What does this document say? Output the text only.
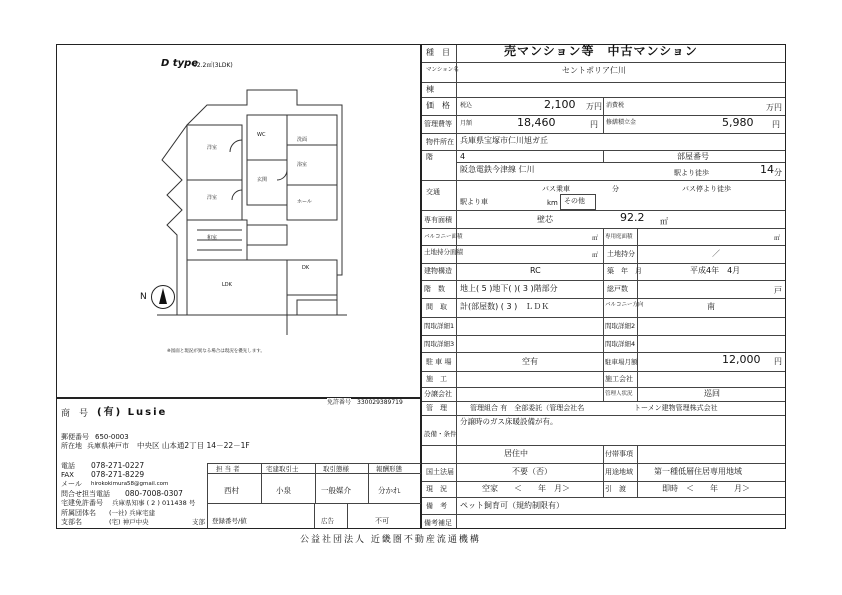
D type
92.2㎡(3LDK)
洋室
洋室
和室
LDK
DK
洗面
浴室
WC
玄関
ホール
N
※図面と現況が異なる場合は現況を優先します。
免許番号 330029389719
商　号 (有) Lusie
郵便番号 650-0003
所在地 兵庫県神戸市 中央区 山本通2丁目 14－22－1F
電話 078-271-0227
FAX 078-271-8229
メール hirokokimura58@gmail.com
問合せ担当電話 080-7008-0307
宅建免許番号 兵庫県知事 ( 2 ) 011438 号
所属団体名 (一社) 兵庫宅建
支部名	(宅) 神戸中央	支部
担 当 者	宅建取引士	取引態様	報酬形態
西村	小泉	一般媒介	分かれ
登録番号/値	広告	不可
種　目	売マンション等　中古マンション
マンション名	セントポリア仁川
棟
価　格 税込	2,100 万円 消費税	万円
管理費等 月額	18,460	円 修繕積立金	5,980 円
物件所在 兵庫県宝塚市仁川旭ガ丘
階	4	部屋番号
交通
阪急電鉄今津線 仁川	駅より徒歩	14 分
バス乗車	分	バス停より徒歩
駅より車	km その他
専有面積	壁芯	92.2 ㎡
バルコニー面積	㎡ 専用庭面積	㎡
土地持分面積	㎡ 土地持分	／
建物構造	RC	築　年　月	平成4年　4月
階　数 地上( 5 )地下( )( 3 )階部分	総戸数	戸
間　取 計(部屋数) ( 3 )　ＬＤＫ	バルコニー方向	南
間取詳細1	間取詳細2
間取詳細3	間取詳細4
駐 車 場	空有	駐車場月額	12,000 円
施　工	施工会社
分譲会社	管理人状況	巡回
管　理	管理組合 有　全部委託（管理会社名	トーメン建物管理株式会社
設備・条件
分譲時のガス床暖設備が有。
居住中
国土法届	不要（否）
付帯事項
用途地域	第一種低層住居専用地域
現　況	空家　　＜　　年　月＞	引　渡	即時　＜　　年　　月＞
備　考 ペット飼育可（規約制限有）
備考補足
公益社団法人 近畿圏不動産流通機構
